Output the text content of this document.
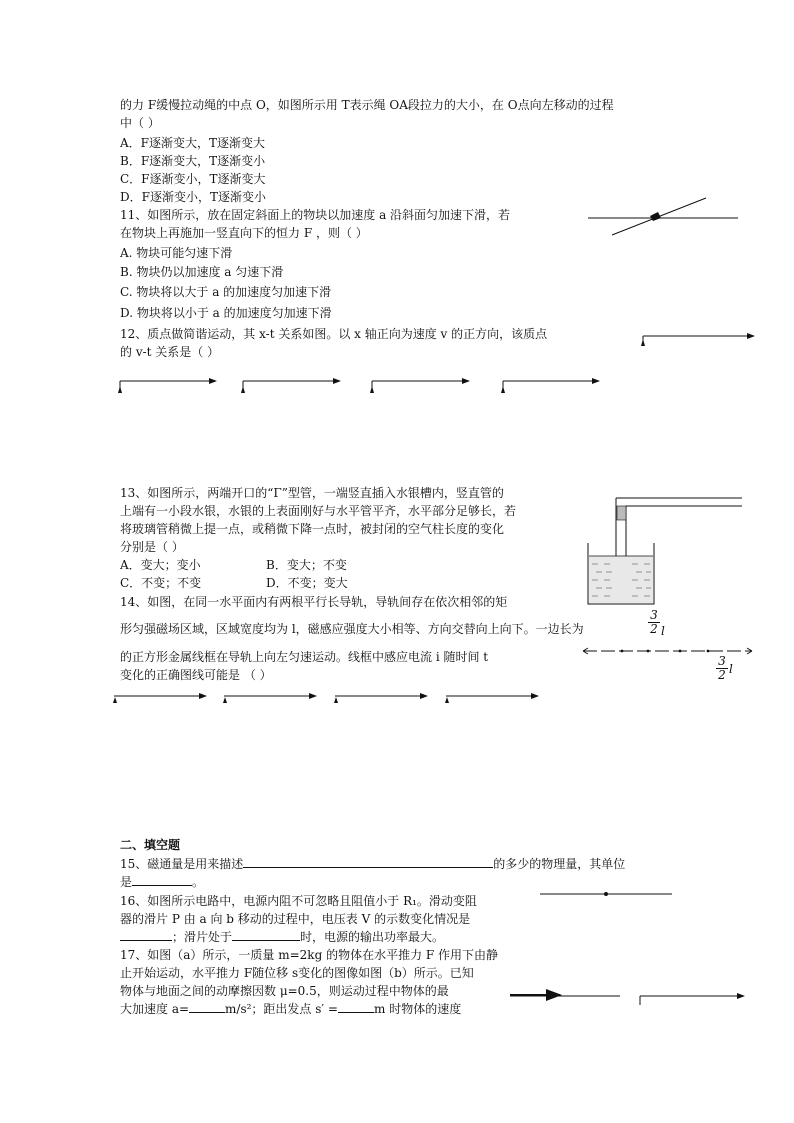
的力 F缓慢拉动绳的中点 O，如图所示用 T表示绳 OA段拉力的大小，在 O点向左移动的过程
中（ ）
A．F逐渐变大，T逐渐变大
B．F逐渐变大，T逐渐变小
C．F逐渐变小，T逐渐变大
D．F逐渐变小，T逐渐变小
11、如图所示，放在固定斜面上的物块以加速度 a 沿斜面匀加速下滑，若
在物块上再施加一竖直向下的恒力 F ，则（ ）
A. 物块可能匀速下滑
B. 物块仍以加速度 a 匀速下滑
C. 物块将以大于 a 的加速度匀加速下滑
D. 物块将以小于 a 的加速度匀加速下滑
12、质点做简谐运动，其 x-t 关系如图。以 x 轴正向为速度 v 的正方向，该质点
的 v-t 关系是（ ）
13、如图所示，两端开口的“Γ”型管，一端竖直插入水银槽内，竖直管的
上端有一小段水银，水银的上表面刚好与水平管平齐，水平部分足够长，若
将玻璃管稍微上提一点，或稍微下降一点时，被封闭的空气柱长度的变化
分别是（ ）
A．变大；变小	B．变大；不变
C．不变；不变	D．不变；变大
14、如图，在同一水平面内有两根平行长导轨，导轨间存在依次相邻的矩
形匀强磁场区域，区域宽度均为 l，磁感应强度大小相等、方向交替向上向下。一边长为	$\frac{3}{2}$ l
的正方形金属线框在导轨上向左匀速运动。线框中感应电流 i 随时间 t
变化的正确图线可能是 （ ）	$\frac{3}{2}$ l
二、填空题
15、磁通量是用来描述	的多少的物理量，其单位
是	。
16、如图所示电路中，电源内阻不可忽略且阻值小于 R₁。滑动变阻
器的滑片 P 由 a 向 b 移动的过程中，电压表 V 的示数变化情况是
；滑片处于	时，电源的输出功率最大。
17、如图（a）所示，一质量 m=2kg 的物体在水平推力 F 作用下由静
止开始运动，水平推力 F随位移 s变化的图像如图（b）所示。已知
物体与地面之间的动摩擦因数 μ=0.5，则运动过程中物体的最
大加速度 a=	m/s²；距出发点 s′ =	m 时物体的速度
